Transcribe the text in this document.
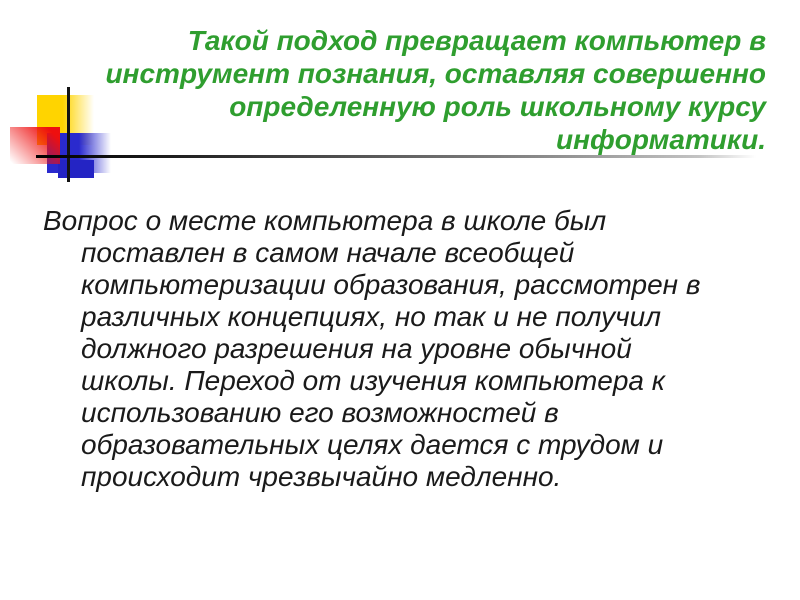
Такой подход превращает компьютер в
инструмент познания, оставляя совершенно
определенную роль школьному курсу
информатики.
Вопрос о месте компьютера в школе был
поставлен в самом начале всеобщей
компьютеризации образования, рассмотрен в
различных концепциях, но так и не получил
должного разрешения на уровне обычной
школы. Переход от изучения компьютера к
использованию его возможностей в
образовательных целях дается с трудом и
происходит чрезвычайно медленно.
